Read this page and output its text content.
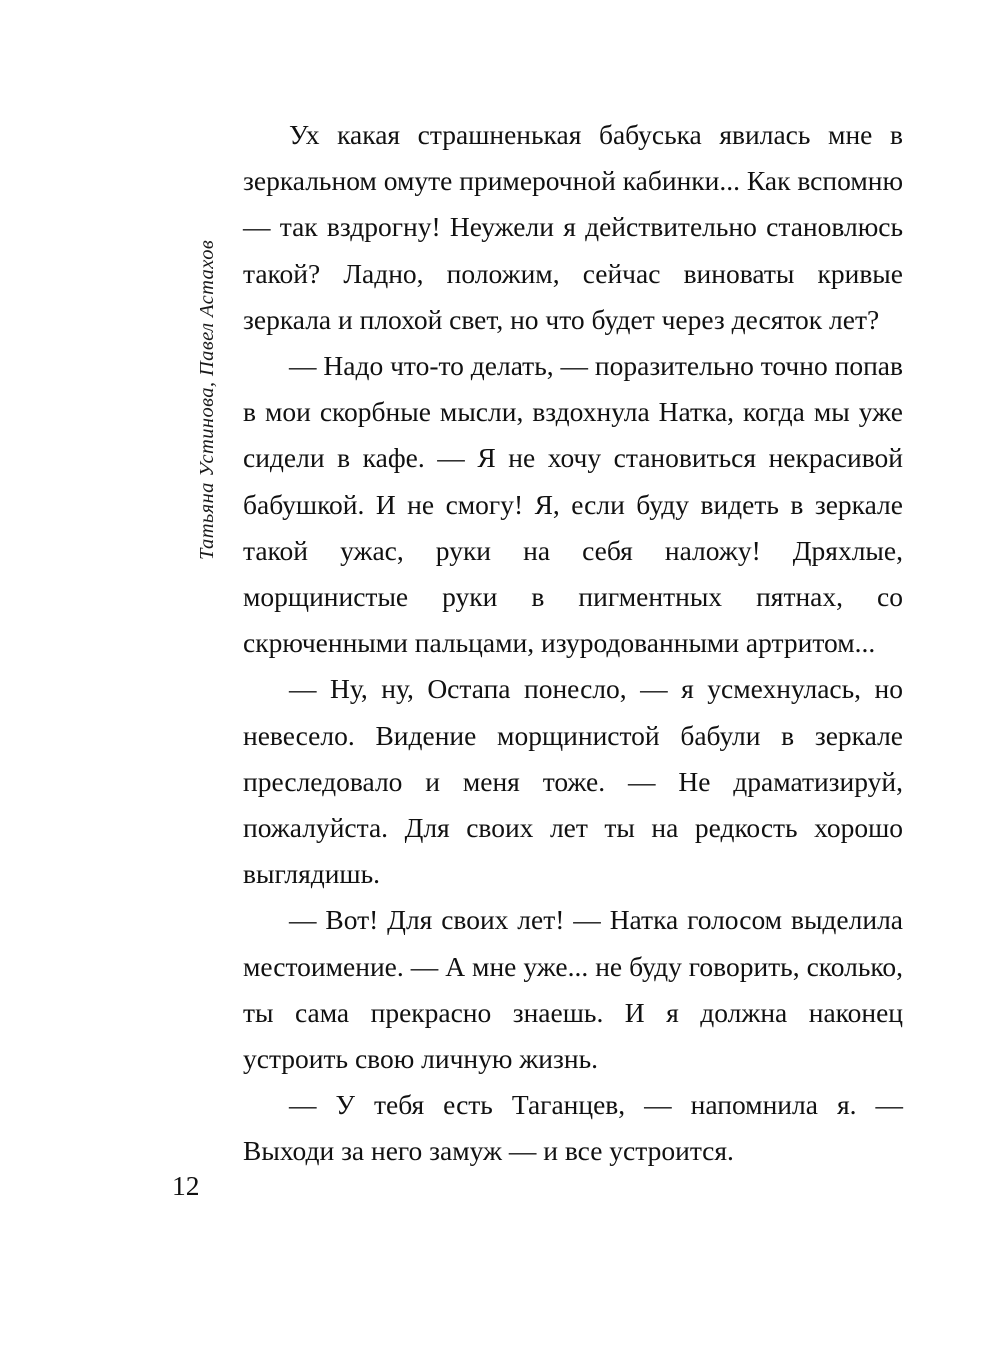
Татьяна Устинова, Павел Астахов

Ух какая страшненькая бабуська явилась мне в зеркальном омуте примерочной кабинки... Как вспомню — так вздрогну! Неужели я действительно становлюсь такой? Ладно, положим, сейчас виноваты кривые зеркала и плохой свет, но что будет через десяток лет?

— Надо что-то делать, — поразительно точно попав в мои скорбные мысли, вздохнула Натка, когда мы уже сидели в кафе. — Я не хочу становиться некрасивой бабушкой. И не смогу! Я, если буду видеть в зеркале такой ужас, руки на себя наложу! Дряхлые, морщинистые руки в пигментных пятнах, со скрюченными пальцами, изуродованными артритом...

— Ну, ну, Остапа понесло, — я усмехнулась, но невесело. Видение морщинистой бабули в зеркале преследовало и меня тоже. — Не драматизируй, пожалуйста. Для своих лет ты на редкость хорошо выглядишь.

— Вот! Для своих лет! — Натка голосом выделила местоимение. — А мне уже... не буду говорить, сколько, ты сама прекрасно знаешь. И я должна наконец устроить свою личную жизнь.

— У тебя есть Таганцев, — напомнила я. — Выходи за него замуж — и все устроится.

12
